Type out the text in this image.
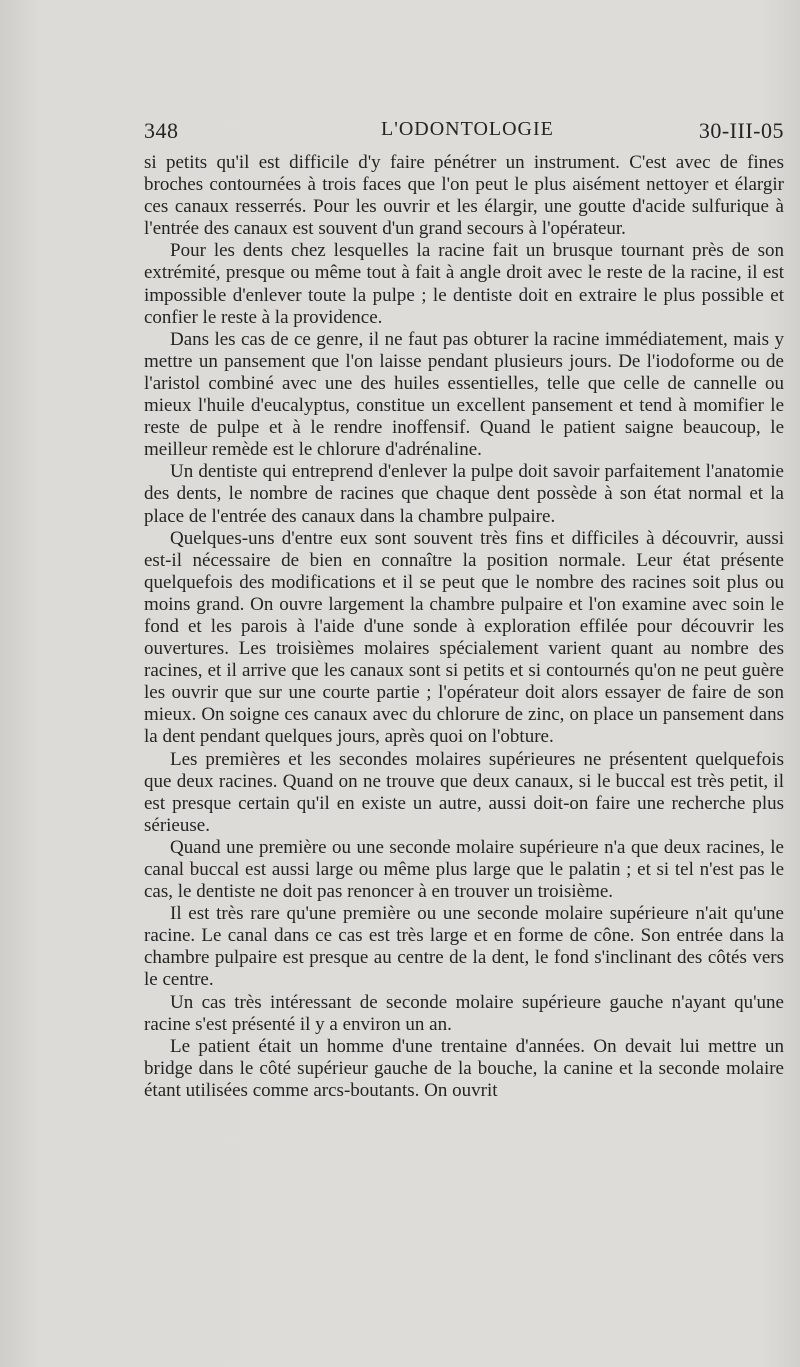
348	L'ODONTOLOGIE	30-III-05

si petits qu'il est difficile d'y faire pénétrer un instrument. C'est avec de fines broches contournées à trois faces que l'on peut le plus aisément nettoyer et élargir ces canaux resserrés. Pour les ouvrir et les élargir, une goutte d'acide sulfurique à l'entrée des canaux est souvent d'un grand secours à l'opérateur.

Pour les dents chez lesquelles la racine fait un brusque tournant près de son extrémité, presque ou même tout à fait à angle droit avec le reste de la racine, il est impossible d'enlever toute la pulpe ; le dentiste doit en extraire le plus possible et confier le reste à la providence.

Dans les cas de ce genre, il ne faut pas obturer la racine immédiatement, mais y mettre un pansement que l'on laisse pendant plusieurs jours. De l'iodoforme ou de l'aristol combiné avec une des huiles essentielles, telle que celle de cannelle ou mieux l'huile d'eucalyptus, constitue un excellent pansement et tend à momifier le reste de pulpe et à le rendre inoffensif. Quand le patient saigne beaucoup, le meilleur remède est le chlorure d'adrénaline.

Un dentiste qui entreprend d'enlever la pulpe doit savoir parfaitement l'anatomie des dents, le nombre de racines que chaque dent possède à son état normal et la place de l'entrée des canaux dans la chambre pulpaire.

Quelques-uns d'entre eux sont souvent très fins et difficiles à découvrir, aussi est-il nécessaire de bien en connaître la position normale. Leur état présente quelquefois des modifications et il se peut que le nombre des racines soit plus ou moins grand. On ouvre largement la chambre pulpaire et l'on examine avec soin le fond et les parois à l'aide d'une sonde à exploration effilée pour découvrir les ouvertures. Les troisièmes molaires spécialement varient quant au nombre des racines, et il arrive que les canaux sont si petits et si contournés qu'on ne peut guère les ouvrir que sur une courte partie ; l'opérateur doit alors essayer de faire de son mieux. On soigne ces canaux avec du chlorure de zinc, on place un pansement dans la dent pendant quelques jours, après quoi on l'obture.

Les premières et les secondes molaires supérieures ne présentent quelquefois que deux racines. Quand on ne trouve que deux canaux, si le buccal est très petit, il est presque certain qu'il en existe un autre, aussi doit-on faire une recherche plus sérieuse.

Quand une première ou une seconde molaire supérieure n'a que deux racines, le canal buccal est aussi large ou même plus large que le palatin ; et si tel n'est pas le cas, le dentiste ne doit pas renoncer à en trouver un troisième.

Il est très rare qu'une première ou une seconde molaire supérieure n'ait qu'une racine. Le canal dans ce cas est très large et en forme de cône. Son entrée dans la chambre pulpaire est presque au centre de la dent, le fond s'inclinant des côtés vers le centre.

Un cas très intéressant de seconde molaire supérieure gauche n'ayant qu'une racine s'est présenté il y a environ un an.

Le patient était un homme d'une trentaine d'années. On devait lui mettre un bridge dans le côté supérieur gauche de la bouche, la canine et la seconde molaire étant utilisées comme arcs-boutants. On ouvrit
